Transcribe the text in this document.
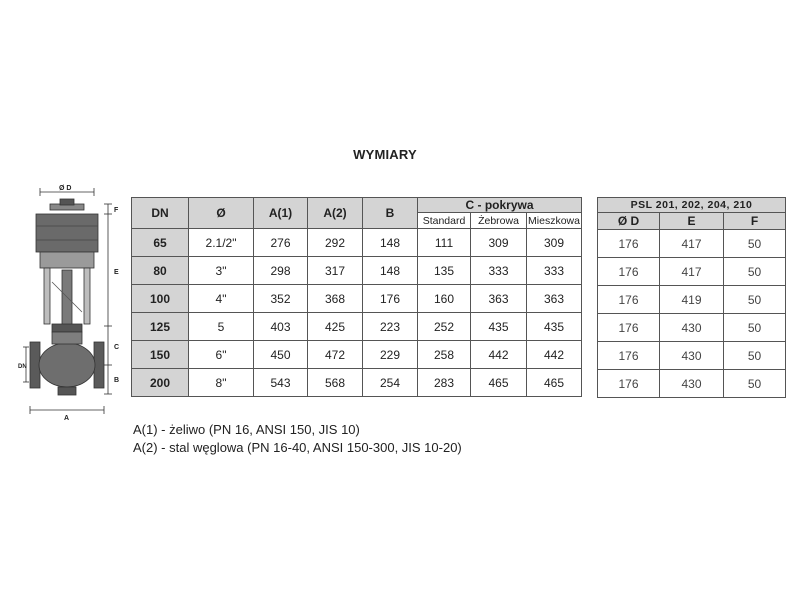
WYMIARY
Ø D
F
E
C
B
A
DN
DN	Ø	A(1)	A(2)	B	C - pokrywa		
					Standard	Żebrowa	Mieszkowa
65	2.1/2"	276	292	148	111	309	309
80	3"	298	317	148	135	333	333
100	4"	352	368	176	160	363	363
125	5	403	425	223	252	435	435
150	6"	450	472	229	258	442	442
200	8"	543	568	254	283	465	465
PSL 201, 202, 204, 210		
Ø D	E	F
176	417	50
176	417	50
176	419	50
176	430	50
176	430	50
176	430	50
A(1) - żeliwo (PN 16, ANSI 150, JIS 10)
A(2) - stal węglowa (PN 16-40, ANSI 150-300, JIS 10-20)
